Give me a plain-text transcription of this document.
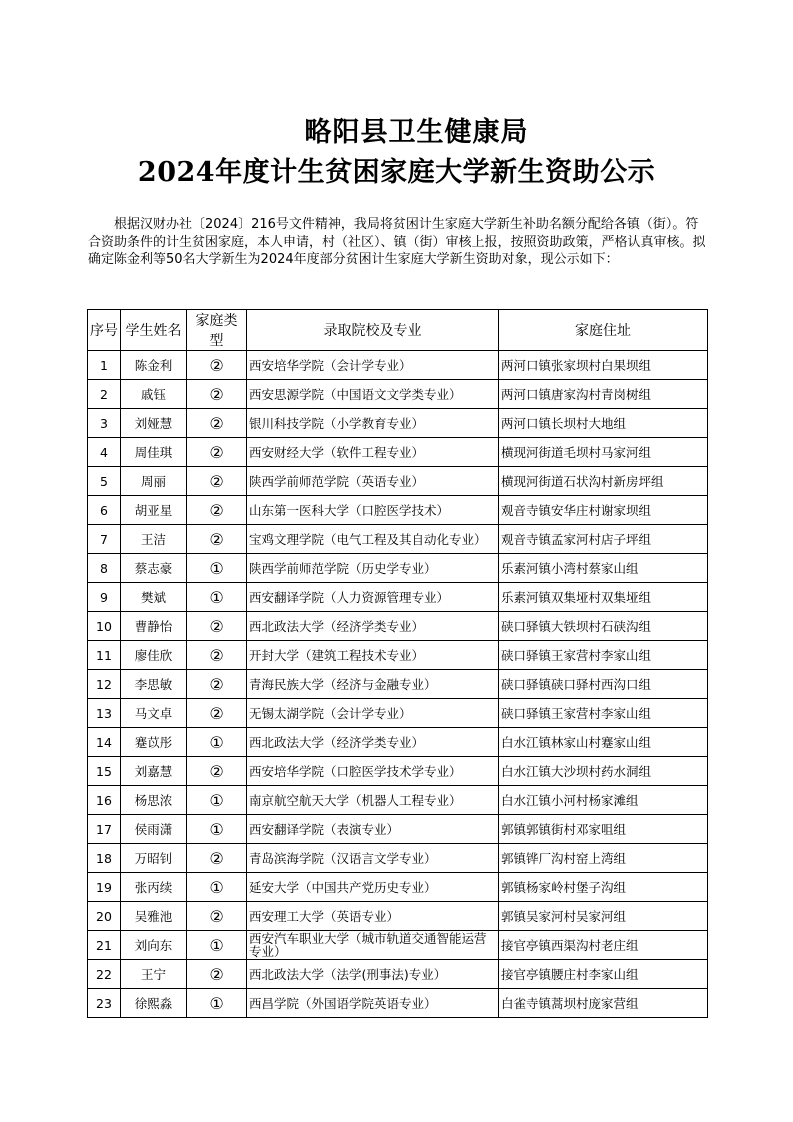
略阳县卫生健康局
2024年度计生贫困家庭大学新生资助公示

根据汉财办社〔2024〕216号文件精神，我局将贫困计生家庭大学新生补助名额分配给各镇（街）。符合资助条件的计生贫困家庭，本人申请，村（社区）、镇（街）审核上报，按照资助政策，严格认真审核。拟确定陈金利等50名大学新生为2024年度部分贫困计生家庭大学新生资助对象，现公示如下：

序号	学生姓名	家庭类型	录取院校及专业	家庭住址
1	陈金利	②	西安培华学院（会计学专业）	两河口镇张家坝村白果坝组
2	戚钰	②	西安思源学院（中国语文文学类专业）	两河口镇唐家沟村青岗树组
3	刘娅慧	②	银川科技学院（小学教育专业）	两河口镇长坝村大地组
4	周佳琪	②	西安财经大学（软件工程专业）	横现河街道毛坝村马家河组
5	周丽	②	陕西学前师范学院（英语专业）	横现河街道石状沟村新房坪组
6	胡亚星	②	山东第一医科大学（口腔医学技术）	观音寺镇安华庄村谢家坝组
7	王洁	②	宝鸡文理学院（电气工程及其自动化专业）	观音寺镇孟家河村店子坪组
8	蔡志豪	①	陕西学前师范学院（历史学专业）	乐素河镇小湾村蔡家山组
9	樊斌	①	西安翻译学院（人力资源管理专业）	乐素河镇双集垭村双集垭组
10	曹静怡	②	西北政法大学（经济学类专业）	硖口驿镇大铁坝村石硖沟组
11	廖佳欣	②	开封大学（建筑工程技术专业）	硖口驿镇王家营村李家山组
12	李思敏	②	青海民族大学（经济与金融专业）	硖口驿镇硖口驿村西沟口组
13	马文卓	②	无锡太湖学院（会计学专业）	硖口驿镇王家营村李家山组
14	蹇苡彤	①	西北政法大学（经济学类专业）	白水江镇林家山村蹇家山组
15	刘嘉慧	②	西安培华学院（口腔医学技术学专业）	白水江镇大沙坝村药水洞组
16	杨思浓	①	南京航空航天大学（机器人工程专业）	白水江镇小河村杨家滩组
17	侯雨潇	①	西安翻译学院（表演专业）	郭镇郭镇街村邓家咀组
18	万昭钊	②	青岛滨海学院（汉语言文学专业）	郭镇铧厂沟村窑上湾组
19	张丙续	①	延安大学（中国共产党历史专业）	郭镇杨家岭村堡子沟组
20	吴雅池	②	西安理工大学（英语专业）	郭镇吴家河村吴家河组
21	刘向东	①	西安汽车职业大学（城市轨道交通智能运营专业）	接官亭镇西渠沟村老庄组
22	王宁	②	西北政法大学（法学(刑事法)专业）	接官亭镇腰庄村李家山组
23	徐熙淼	①	西昌学院（外国语学院英语专业）	白雀寺镇蒿坝村庞家营组
